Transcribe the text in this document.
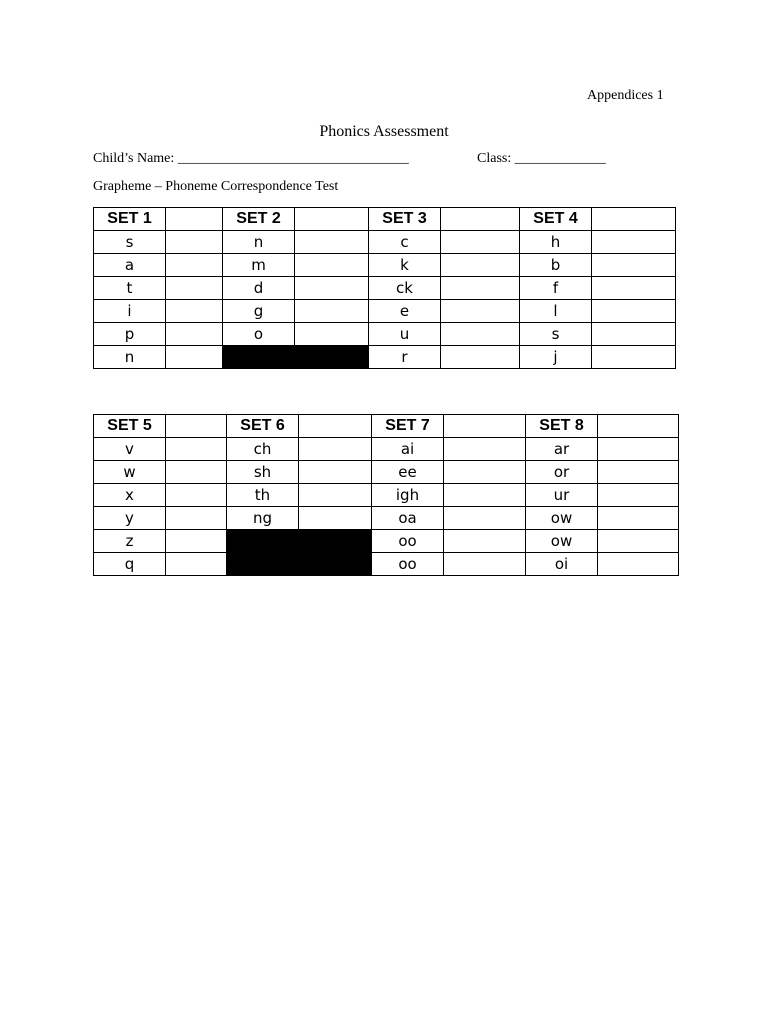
Appendices 1
Phonics Assessment
Child’s Name: _________________________________	Class: _____________
Grapheme – Phoneme Correspondence Test
SET 1		SET 2		SET 3		SET 4	
s		n		c		h	
a		m		k		b	
t		d		ck		f	
i		g		e		l	
p		o		u		s	
n				r		j	
SET 5		SET 6		SET 7		SET 8	
v		ch		ai		ar	
w		sh		ee		or	
x		th		igh		ur	
y		ng		oa		ow	
z				oo		ow	
q				oo		oi	
